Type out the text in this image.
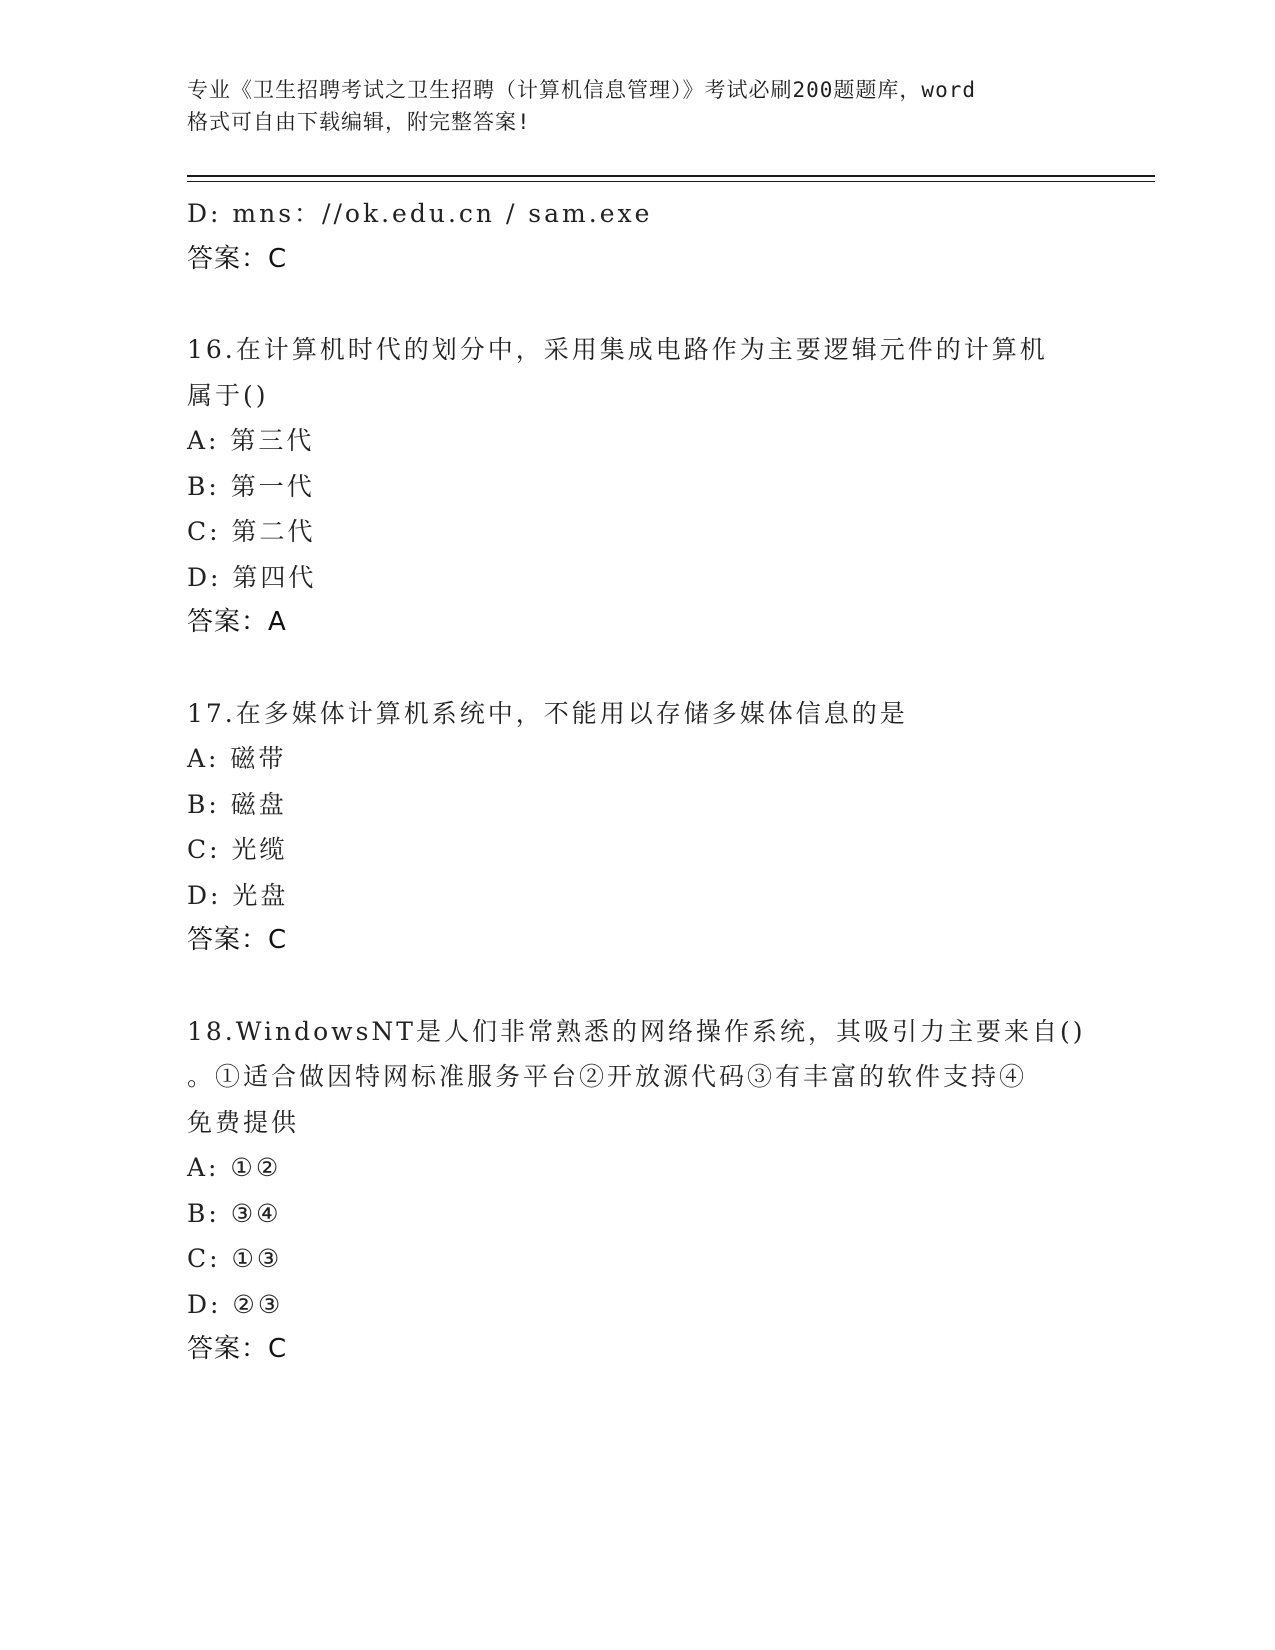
专业《卫生招聘考试之卫生招聘（计算机信息管理）》考试必刷200题题库，word
格式可自由下载编辑，附完整答案!
D: mns：//ok.edu.cn / sam.exe
答案：C
16.在计算机时代的划分中，采用集成电路作为主要逻辑元件的计算机
属于()
A: 第三代
B: 第一代
C: 第二代
D: 第四代
答案：A
17.在多媒体计算机系统中，不能用以存储多媒体信息的是
A: 磁带
B: 磁盘
C: 光缆
D: 光盘
答案：C
18.WindowsNT是人们非常熟悉的网络操作系统，其吸引力主要来自()
。①适合做因特网标准服务平台②开放源代码③有丰富的软件支持④
免费提供
A: ①②
B: ③④
C: ①③
D: ②③
答案：C
